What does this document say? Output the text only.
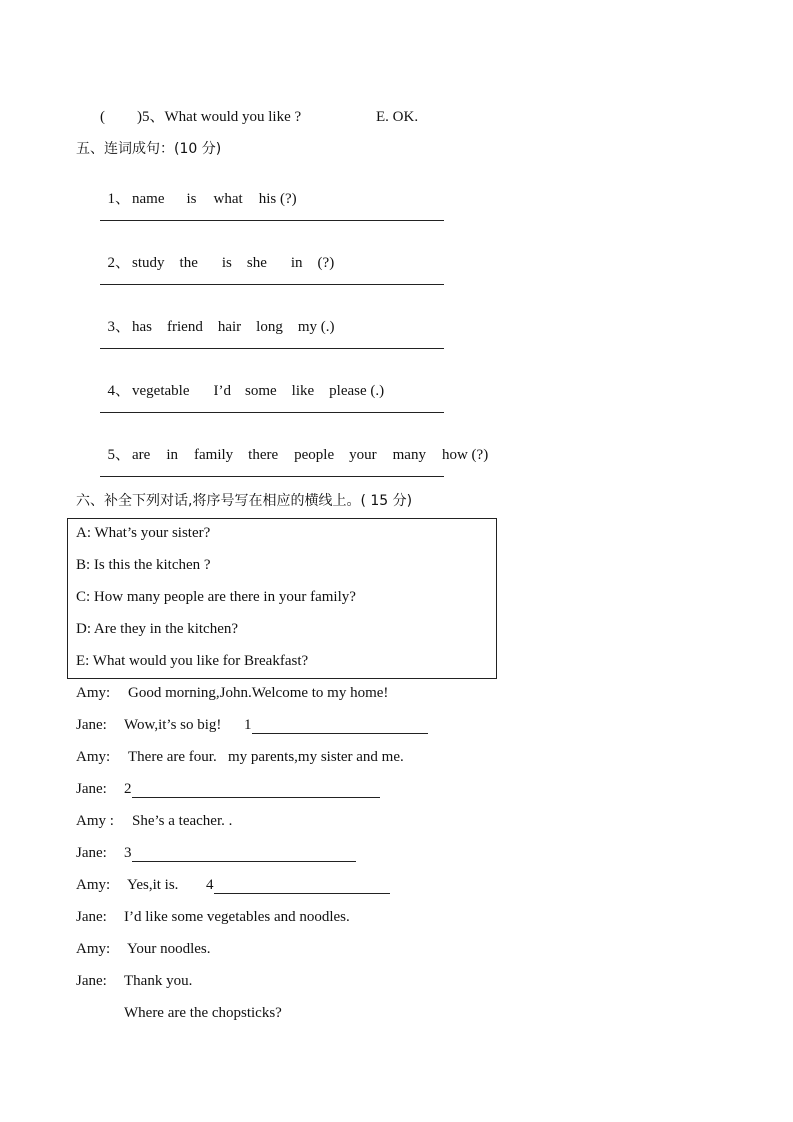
( ) 5、What would you like ?	E. OK.
五、连词成句：(10 分)

1、 name is what his (?)

2、 study the is she in (?)

3、 has friend hair long my (.)

4、 vegetable I’d some like please (.)

5、 are in family there people your many how (?)

六、补全下列对话,将序号写在相应的横线上。( 15 分)
A: What’s your sister?
B: Is this the kitchen ?
C: How many people are there in your family?
D: Are they in the kitchen?
E: What would you like for Breakfast?
Amy: Good morning,John.Welcome to my home!
Jane: Wow,it’s so big! 1
Amy: There are four.   my parents,my sister and me.
Jane: 2
Amy : She’s a teacher. .
Jane: 3
Amy: Yes,it is. 4
Jane: I’d like some vegetables and noodles.
Amy: Your noodles.
Jane: Thank you.
Where are the chopsticks?
